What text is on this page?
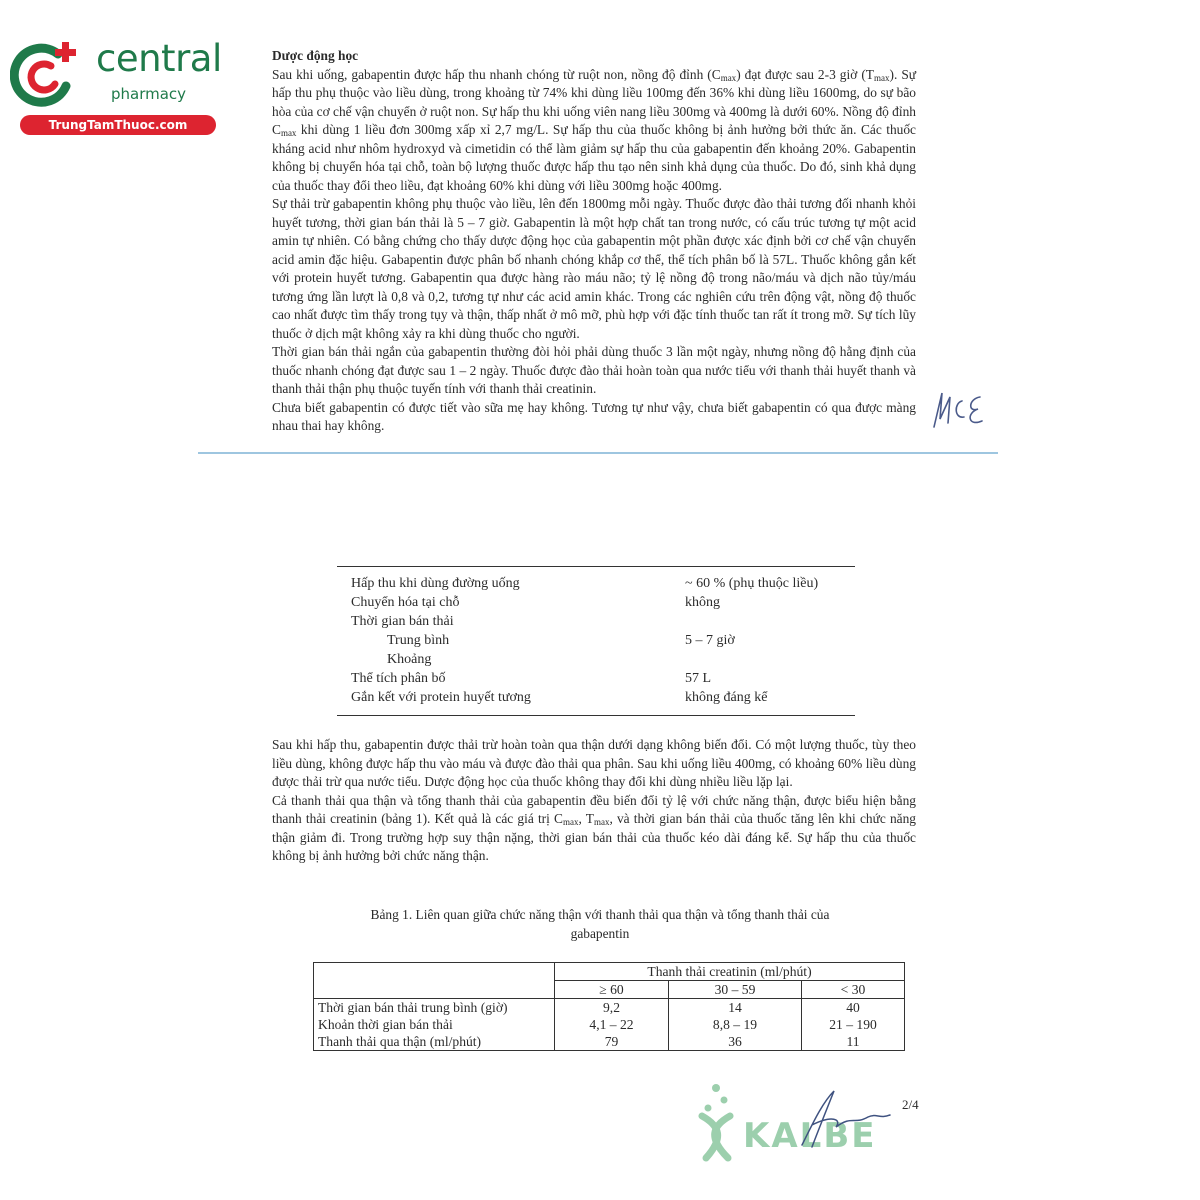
central
pharmacy
TrungTamThuoc.com

Dược động học

Sau khi uống, gabapentin được hấp thu nhanh chóng từ ruột non, nồng độ đỉnh $(C_{max})$ đạt được sau 2-3 giờ $(T_{max})$. Sự hấp thu phụ thuộc vào liều dùng, trong khoảng từ 74% khi dùng liều 100mg đến 36% khi dùng liều 1600mg, do sự bão hòa của cơ chế vận chuyển ở ruột non. Sự hấp thu khi uống viên nang liều 300mg và 400mg là dưới 60%. Nồng độ đỉnh $C_{max}$ khi dùng 1 liều đơn 300mg xấp xỉ 2,7 mg/L. Sự hấp thu của thuốc không bị ảnh hưởng bởi thức ăn. Các thuốc kháng acid như nhôm hydroxyd và cimetidin có thể làm giảm sự hấp thu của gabapentin đến khoảng 20%. Gabapentin không bị chuyển hóa tại chỗ, toàn bộ lượng thuốc được hấp thu tạo nên sinh khả dụng của thuốc. Do đó, sinh khả dụng của thuốc thay đổi theo liều, đạt khoảng 60% khi dùng với liều 300mg hoặc 400mg.

Sự thải trừ gabapentin không phụ thuộc vào liều, lên đến 1800mg mỗi ngày. Thuốc được đào thải tương đối nhanh khỏi huyết tương, thời gian bán thải là 5 – 7 giờ. Gabapentin là một hợp chất tan trong nước, có cấu trúc tương tự một acid amin tự nhiên. Có bằng chứng cho thấy dược động học của gabapentin một phần được xác định bởi cơ chế vận chuyển acid amin đặc hiệu. Gabapentin được phân bố nhanh chóng khắp cơ thể, thể tích phân bố là 57L. Thuốc không gắn kết với protein huyết tương. Gabapentin qua được hàng rào máu não; tỷ lệ nồng độ trong não/máu và dịch não tủy/máu tương ứng lần lượt là 0,8 và 0,2, tương tự như các acid amin khác. Trong các nghiên cứu trên động vật, nồng độ thuốc cao nhất được tìm thấy trong tụy và thận, thấp nhất ở mô mỡ, phù hợp với đặc tính thuốc tan rất ít trong mỡ. Sự tích lũy thuốc ở dịch mật không xảy ra khi dùng thuốc cho người.

Thời gian bán thải ngắn của gabapentin thường đòi hỏi phải dùng thuốc 3 lần một ngày, nhưng nồng độ hằng định của thuốc nhanh chóng đạt được sau 1 – 2 ngày. Thuốc được đào thải hoàn toàn qua nước tiểu với thanh thải huyết thanh và thanh thải thận phụ thuộc tuyến tính với thanh thải creatinin.

Chưa biết gabapentin có được tiết vào sữa mẹ hay không. Tương tự như vậy, chưa biết gabapentin có qua được màng nhau thai hay không.

Hấp thu khi dùng đường uống	~ 60 % (phụ thuộc liều)
Chuyển hóa tại chỗ	không
Thời gian bán thải	
Trung bình	5 – 7 giờ
Khoảng	
Thể tích phân bố	57 L
Gắn kết với protein huyết tương	không đáng kể

Sau khi hấp thu, gabapentin được thải trừ hoàn toàn qua thận dưới dạng không biến đổi. Có một lượng thuốc, tùy theo liều dùng, không được hấp thu vào máu và được đào thải qua phân. Sau khi uống liều 400mg, có khoảng 60% liều dùng được thải trừ qua nước tiểu. Dược động học của thuốc không thay đổi khi dùng nhiều liều lặp lại.

Cả thanh thải qua thận và tổng thanh thải của gabapentin đều biến đổi tỷ lệ với chức năng thận, được biểu hiện bằng thanh thải creatinin (bảng 1). Kết quả là các giá trị $C_{max}$, $T_{max}$, và thời gian bán thải của thuốc tăng lên khi chức năng thận giảm đi. Trong trường hợp suy thận nặng, thời gian bán thải của thuốc kéo dài đáng kể. Sự hấp thu của thuốc không bị ảnh hưởng bởi chức năng thận.

Bảng 1. Liên quan giữa chức năng thận với thanh thải qua thận và tổng thanh thải của
gabapentin
	Thanh thải creatinin (ml/phút)		
	≥ 60	30 – 59	< 30
Thời gian bán thải trung bình (giờ)	9,2	14	40
Khoản thời gian bán thải	4,1 – 22	8,8 – 19	21 – 190
Thanh thải qua thận (ml/phút)	79	36	11
KALBE
2/4
